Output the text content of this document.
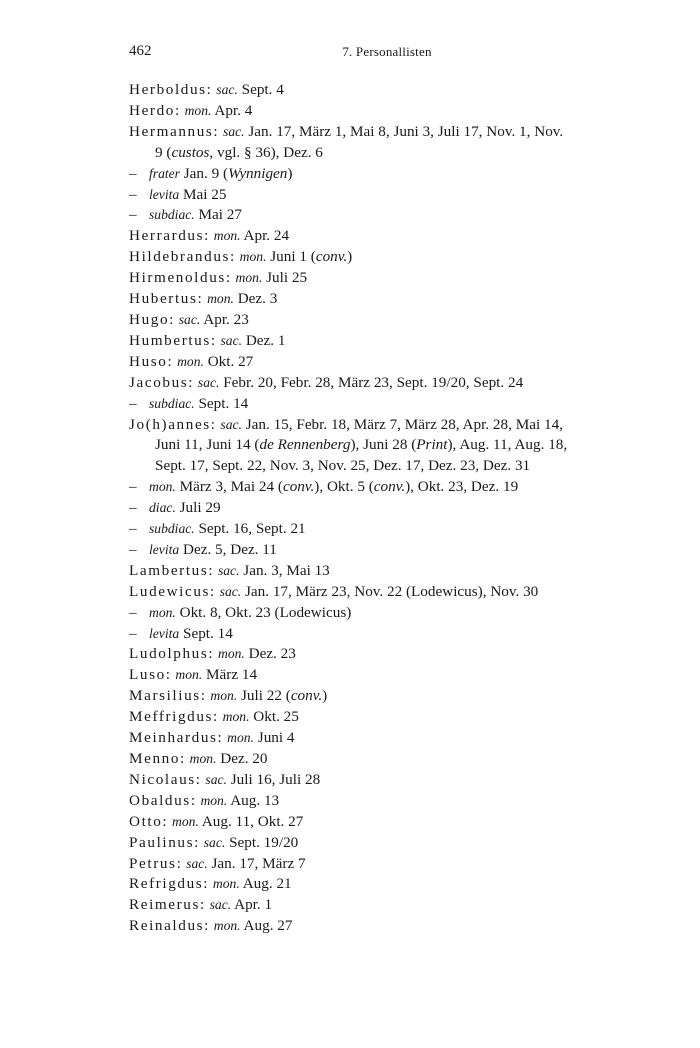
462	7. Personallisten
Herboldus: sac. Sept. 4
Herdo: mon. Apr. 4
Hermannus: sac. Jan. 17, März 1, Mai 8, Juni 3, Juli 17, Nov. 1, Nov.
9 (custos, vgl. § 36), Dez. 6
– frater Jan. 9 (Wynnigen)
– levita Mai 25
– subdiac. Mai 27
Herrardus: mon. Apr. 24
Hildebrandus: mon. Juni 1 (conv.)
Hirmenoldus: mon. Juli 25
Hubertus: mon. Dez. 3
Hugo: sac. Apr. 23
Humbertus: sac. Dez. 1
Huso: mon. Okt. 27
Jacobus: sac. Febr. 20, Febr. 28, März 23, Sept. 19/20, Sept. 24
– subdiac. Sept. 14
Jo(h)annes: sac. Jan. 15, Febr. 18, März 7, März 28, Apr. 28, Mai 14,
Juni 11, Juni 14 (de Rennenberg), Juni 28 (Print), Aug. 11, Aug. 18,
Sept. 17, Sept. 22, Nov. 3, Nov. 25, Dez. 17, Dez. 23, Dez. 31
– mon. März 3, Mai 24 (conv.), Okt. 5 (conv.), Okt. 23, Dez. 19
– diac. Juli 29
– subdiac. Sept. 16, Sept. 21
– levita Dez. 5, Dez. 11
Lambertus: sac. Jan. 3, Mai 13
Ludewicus: sac. Jan. 17, März 23, Nov. 22 (Lodewicus), Nov. 30
– mon. Okt. 8, Okt. 23 (Lodewicus)
– levita Sept. 14
Ludolphus: mon. Dez. 23
Luso: mon. März 14
Marsilius: mon. Juli 22 (conv.)
Meffrigdus: mon. Okt. 25
Meinhardus: mon. Juni 4
Menno: mon. Dez. 20
Nicolaus: sac. Juli 16, Juli 28
Obaldus: mon. Aug. 13
Otto: mon. Aug. 11, Okt. 27
Paulinus: sac. Sept. 19/20
Petrus: sac. Jan. 17, März 7
Refrigdus: mon. Aug. 21
Reimerus: sac. Apr. 1
Reinaldus: mon. Aug. 27
